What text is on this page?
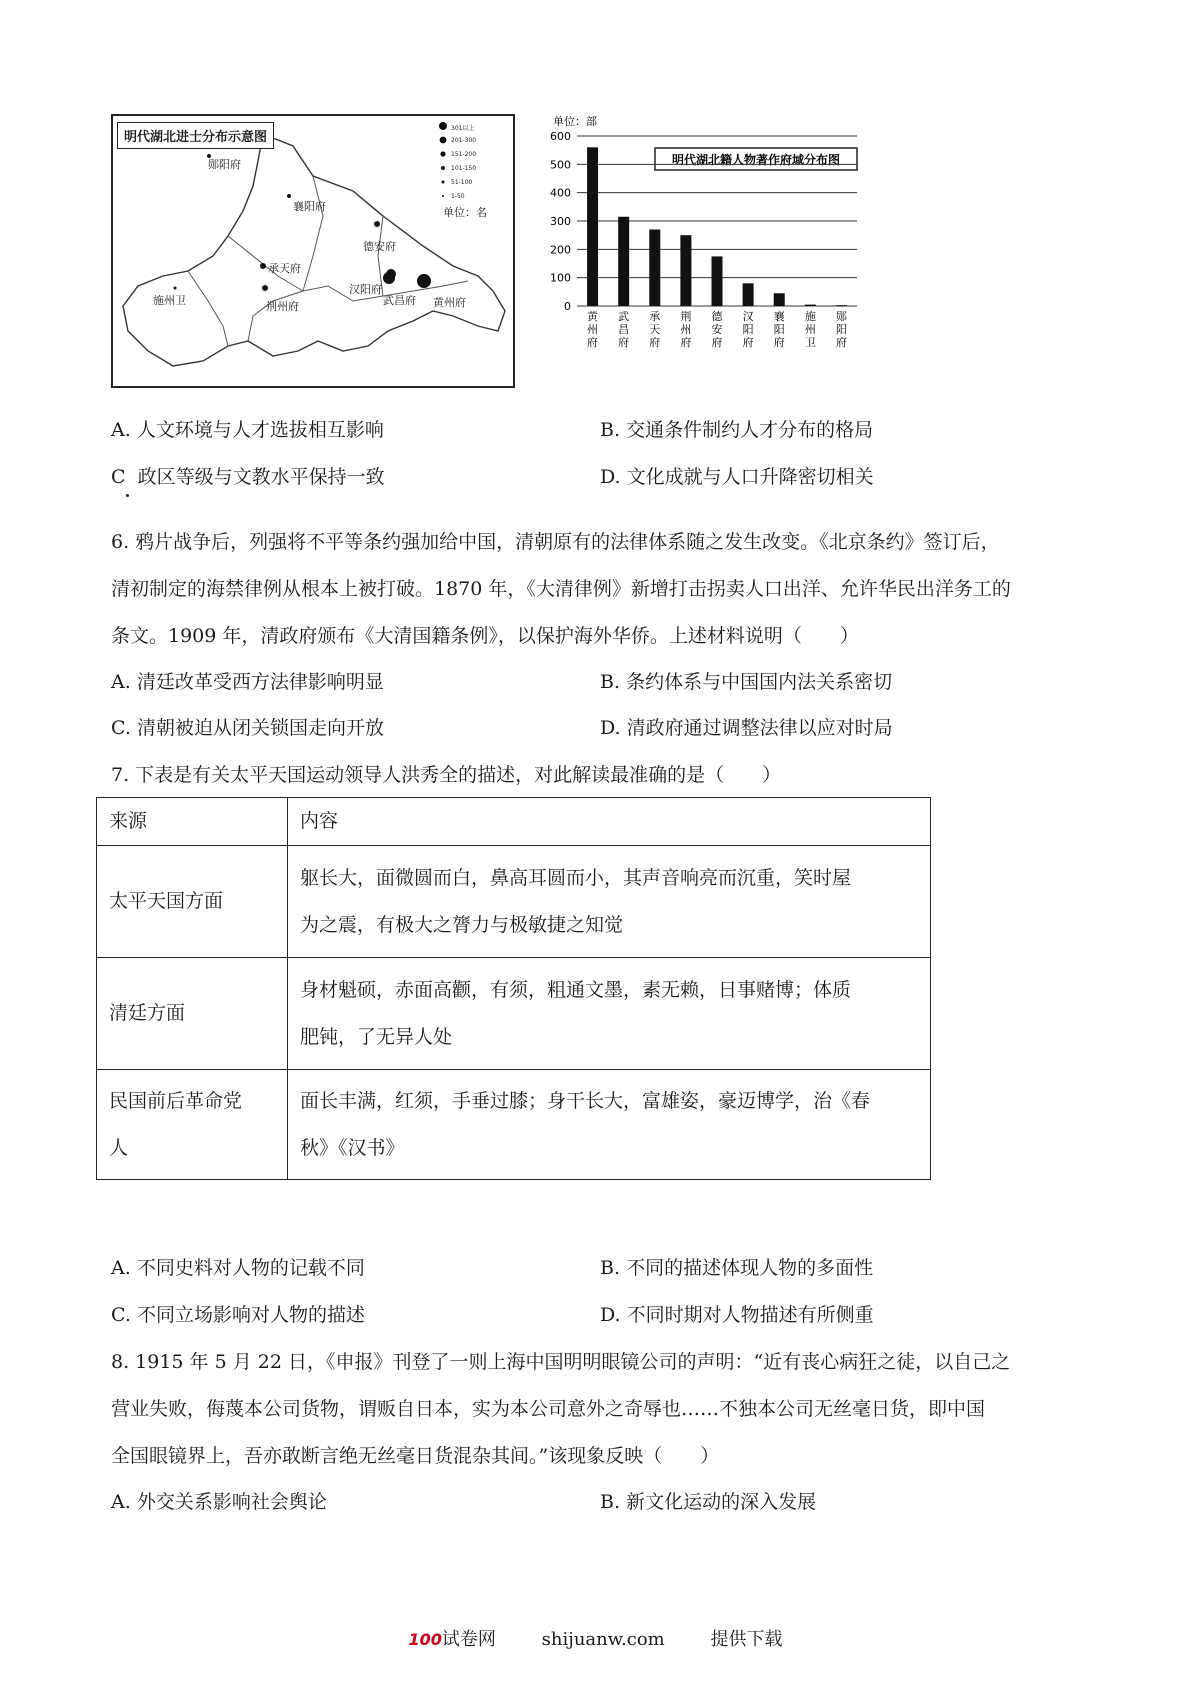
明代湖北进士分布示意图
301以上
201-300
151-200
101-150
51-100
1-50
单位：名
郧阳府
襄阳府
德安府
承天府
汉阳府
武昌府 黄州府
荆州府
施州卫
单位：部
明代湖北籍人物著作府域分布图
0
100
200
300
400
500
600
黄
州
府
武
昌
府
承
天
府
荆
州
府
德
安
府
汉
阳
府
襄
阳
府
施
州
卫
郧
阳
府
A. 人文环境与人才选拔相互影响	B. 交通条件制约人才分布的格局
C 政区等级与文教水平保持一致	D. 文化成就与人口升降密切相关
6. 鸦片战争后，列强将不平等条约强加给中国，清朝原有的法律体系随之发生改变。《北京条约》签订后，
清初制定的海禁律例从根本上被打破。1870 年，《大清律例》新增打击拐卖人口出洋、允许华民出洋务工的
条文。1909 年，清政府颁布《大清国籍条例》，以保护海外华侨。上述材料说明（　　）
A. 清廷改革受西方法律影响明显	B. 条约体系与中国国内法关系密切
C. 清朝被迫从闭关锁国走向开放	D. 清政府通过调整法律以应对时局
7. 下表是有关太平天国运动领导人洪秀全的描述，对此解读最准确的是（　　）
来源	内容
太平天国方面	躯长大，面微圆而白，鼻高耳圆而小，其声音响亮而沉重，笑时屋
为之震，有极大之膂力与极敏捷之知觉
清廷方面	身材魁硕，赤面高颧，有须，粗通文墨，素无赖，日事赌博；体质
肥钝，了无异人处
民国前后革命党
人	面长丰满，红须，手垂过膝；身干长大，富雄姿，豪迈博学，治《春
秋》《汉书》
A. 不同史料对人物的记载不同	B. 不同的描述体现人物的多面性
C. 不同立场影响对人物的描述	D. 不同时期对人物描述有所侧重
8. 1915 年 5 月 22 日，《申报》刊登了一则上海中国明明眼镜公司的声明：“近有丧心病狂之徒，以自己之
营业失败，侮蔑本公司货物，谓贩自日本，实为本公司意外之奇辱也……不独本公司无丝毫日货，即中国
全国眼镜界上，吾亦敢断言绝无丝毫日货混杂其间。”该现象反映（　　）
A. 外交关系影响社会舆论	B. 新文化运动的深入发展
100试卷网	shijuanw.com	提供下载
